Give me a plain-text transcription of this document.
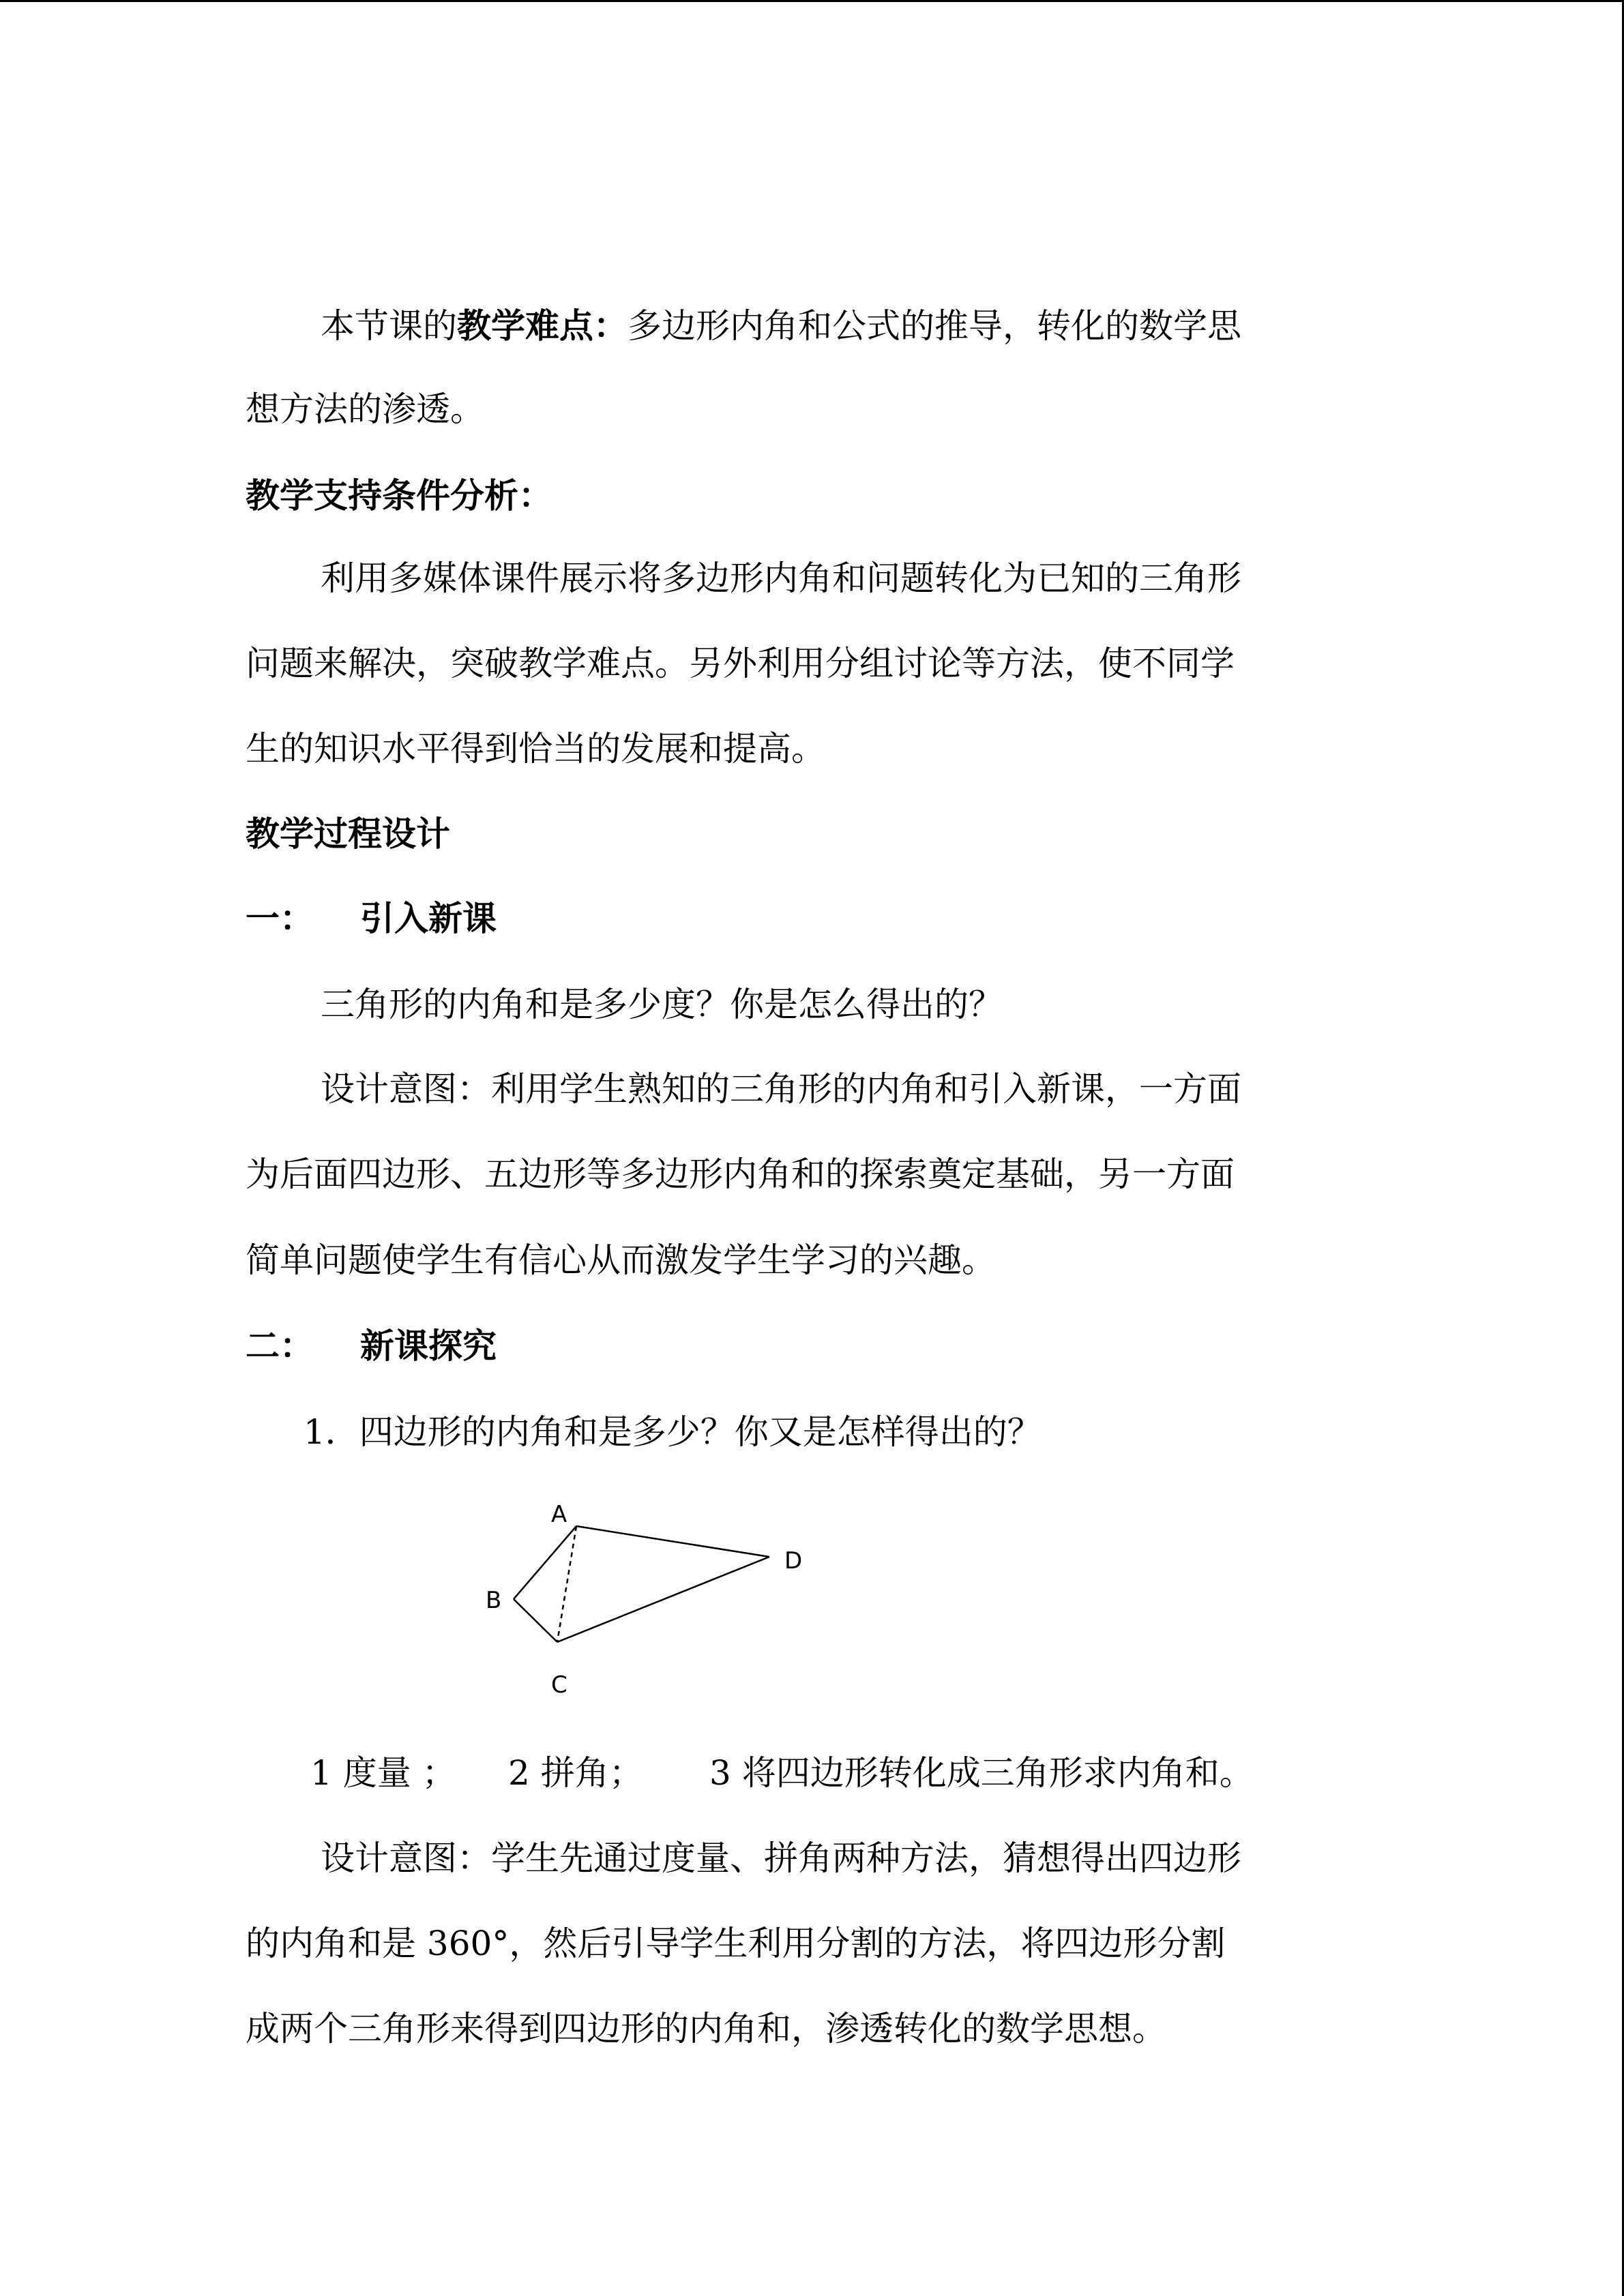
本节课的教学难点：多边形内角和公式的推导，转化的数学思
想方法的渗透。
教学支持条件分析：
利用多媒体课件展示将多边形内角和问题转化为已知的三角形
问题来解决，突破教学难点。另外利用分组讨论等方法，使不同学
生的知识水平得到恰当的发展和提高。
教学过程设计
一： 引入新课
三角形的内角和是多少度？你是怎么得出的？
设计意图：利用学生熟知的三角形的内角和引入新课，一方面
为后面四边形、五边形等多边形内角和的探索奠定基础，另一方面
简单问题使学生有信心从而激发学生学习的兴趣。
二： 新课探究
1．四边形的内角和是多少？你又是怎样得出的？
A
B
C
D
1 度量 ； 2 拼角； 3 将四边形转化成三角形求内角和。
设计意图：学生先通过度量、拼角两种方法，猜想得出四边形
的内角和是 360°，然后引导学生利用分割的方法，将四边形分割
成两个三角形来得到四边形的内角和，渗透转化的数学思想。
